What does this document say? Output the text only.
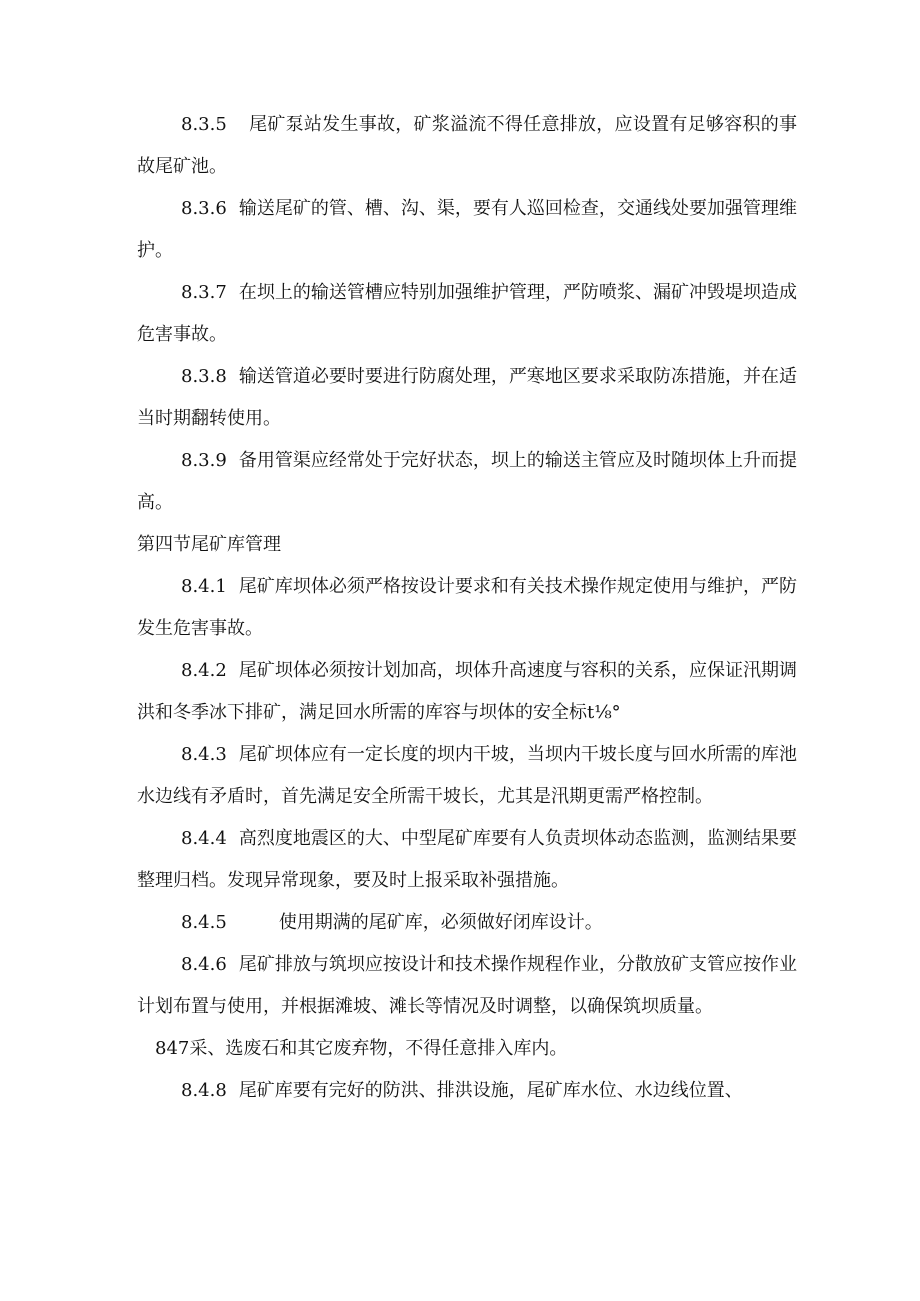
8.3.5 尾矿泵站发生事故，矿浆溢流不得任意排放，应设置有足够容积的事故尾矿池。

8.3.6 输送尾矿的管、槽、沟、渠，要有人巡回检查，交通线处要加强管理维护。

8.3.7 在坝上的输送管槽应特别加强维护管理，严防喷浆、漏矿冲毁堤坝造成危害事故。

8.3.8 输送管道必要时要进行防腐处理，严寒地区要求采取防冻措施，并在适当时期翻转使用。

8.3.9 备用管渠应经常处于完好状态，坝上的输送主管应及时随坝体上升而提高。

第四节尾矿库管理

8.4.1 尾矿库坝体必须严格按设计要求和有关技术操作规定使用与维护，严防发生危害事故。

8.4.2 尾矿坝体必须按计划加高，坝体升高速度与容积的关系，应保证汛期调洪和冬季冰下排矿，满足回水所需的库容与坝体的安全标t⅛°

8.4.3 尾矿坝体应有一定长度的坝内干坡，当坝内干坡长度与回水所需的库池水边线有矛盾时，首先满足安全所需干坡长，尤其是汛期更需严格控制。

8.4.4 高烈度地震区的大、中型尾矿库要有人负责坝体动态监测，监测结果要整理归档。发现异常现象，要及时上报采取补强措施。

8.4.5	使用期满的尾矿库，必须做好闭库设计。

8.4.6 尾矿排放与筑坝应按设计和技术操作规程作业，分散放矿支管应按作业计划布置与使用，并根据滩坡、滩长等情况及时调整，以确保筑坝质量。

847采、选废石和其它废弃物，不得任意排入库内。

8.4.8 尾矿库要有完好的防洪、排洪设施，尾矿库水位、水边线位置、
